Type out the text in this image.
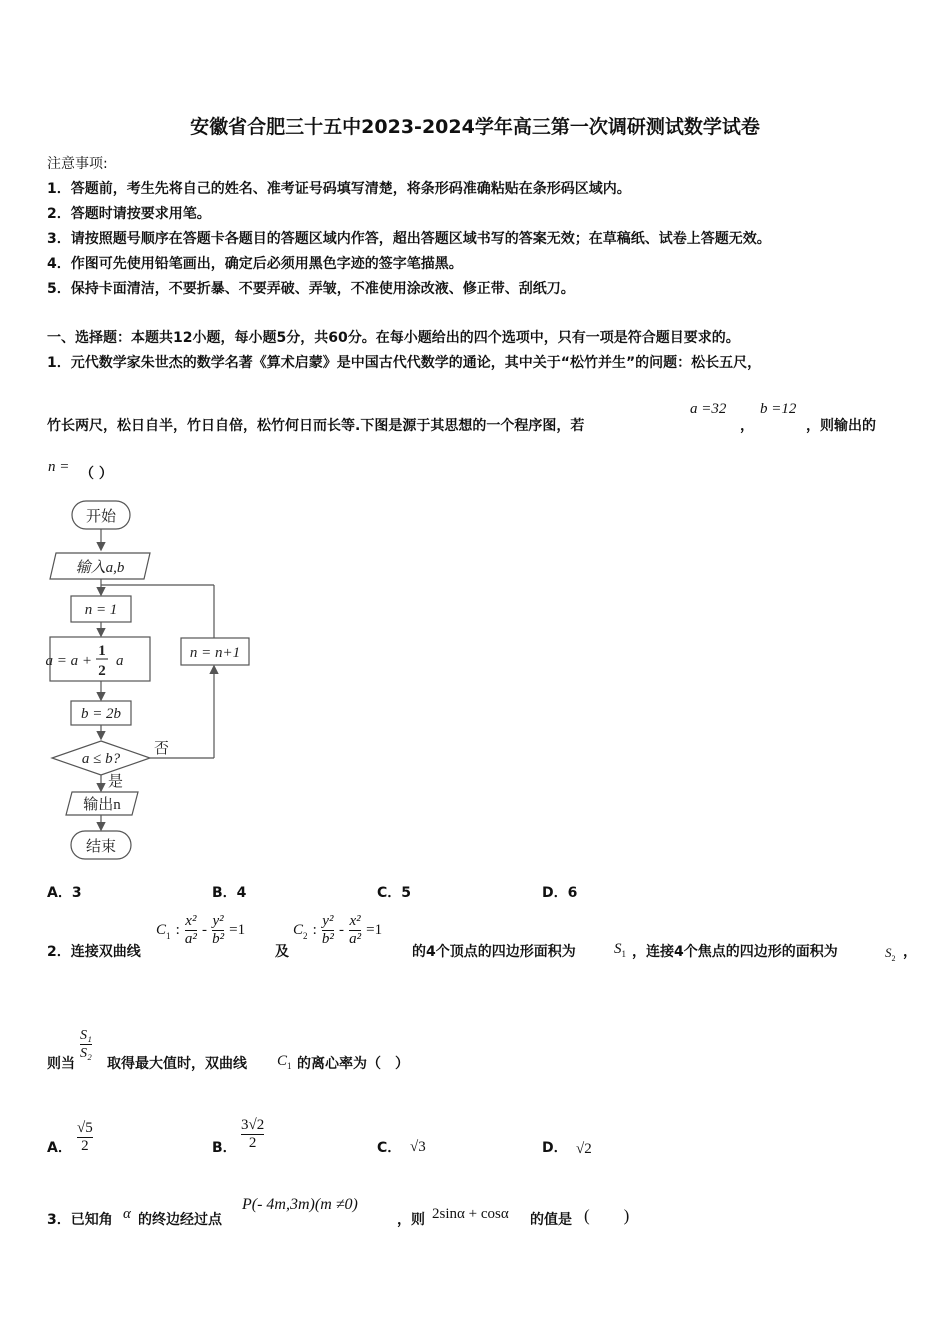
安徽省合肥三十五中2023-2024学年高三第一次调研测试数学试卷
注意事项:
1．答题前，考生先将自己的姓名、准考证号码填写清楚，将条形码准确粘贴在条形码区域内。
2．答题时请按要求用笔。
3．请按照题号顺序在答题卡各题目的答题区域内作答，超出答题区域书写的答案无效；在草稿纸、试卷上答题无效。
4．作图可先使用铅笔画出，确定后必须用黑色字迹的签字笔描黑。
5．保持卡面清洁，不要折暴、不要弄破、弄皱，不准使用涂改液、修正带、刮纸刀。
一、选择题：本题共12小题，每小题5分，共60分。在每小题给出的四个选项中，只有一项是符合题目要求的。
1．元代数学家朱世杰的数学名著《算术启蒙》是中国古代代数学的通论，其中关于“松竹并生”的问题：松长五尺，
竹长两尺，松日自半，竹日自倍，松竹何日而长等.下图是源于其思想的一个程序图，若
a =32
，
b =12
，则输出的
n = （ ）
开始
输入a,b
n = 1
a = a +
1
2
a
b = 2b
a ≤ b?
否
是
n = n+1
输出n
结束
A．3	B．4	C．5	D．6
2．连接双曲线
$C_1$ : $\frac{\text{x²}}{\text{a²}} - \frac{\text{y²}}{\text{b²}} =1$
及
$C_2$ : $\frac{\text{y²}}{\text{b²}} - \frac{\text{x²}}{\text{a²}} =1$
的4个顶点的四边形面积为	$S_1$ ，连接4个焦点的四边形的面积为	$S_2$ ，
则当
$\frac{\text{S₁}}{\text{S₂}}$
取得最大值时，双曲线 $C_1$ 的离心率为（　）
A． $\frac{√5}{2}$	B． $\frac{3√2}{2}$	C． √3	D． √2
3．已知角 α 的终边经过点
P(- 4m,3m)(m ≠0)
，则 2sinα + cosα 的值是 (　　)
